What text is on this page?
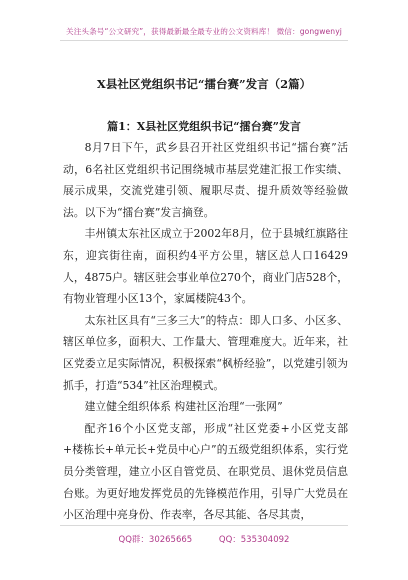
关注头条号“公文研究”，获得最新最全最专业的公文资料库！ 微信：gongwenyj
X县社区党组织书记“擂台赛”发言（2篇）
篇1：X县社区党组织书记“擂台赛”发言

8月7日下午，武乡县召开社区党组织书记“擂台赛”活动，6名社区党组织书记围绕城市基层党建汇报工作实绩、展示成果，交流党建引领、履职尽责、提升质效等经验做法。以下为“擂台赛”发言摘登。

丰州镇太东社区成立于2002年8月，位于县城红旗路往东，迎宾街往南，面积约4平方公里，辖区总人口16429人，4875户。辖区驻会事业单位270个，商业门店528个，有物业管理小区13个，家属楼院43个。

太东社区具有“三多三大”的特点：即人口多、小区多、辖区单位多，面积大、工作量大、管理难度大。近年来，社区党委立足实际情况，积极探索“枫桥经验”，以党建引领为抓手，打造“534”社区治理模式。

建立健全组织体系 构建社区治理“一张网”

配齐16个小区党支部，形成“社区党委+小区党支部+楼栋长+单元长+党员中心户”的五级党组织体系，实行党员分类管理，建立小区自管党员、在职党员、退休党员信息台账。为更好地发挥党员的先锋模范作用，引导广大党员在小区治理中亮身份、作表率，各尽其能、各尽其责，

QQ群：30265665	QQ：535304092
